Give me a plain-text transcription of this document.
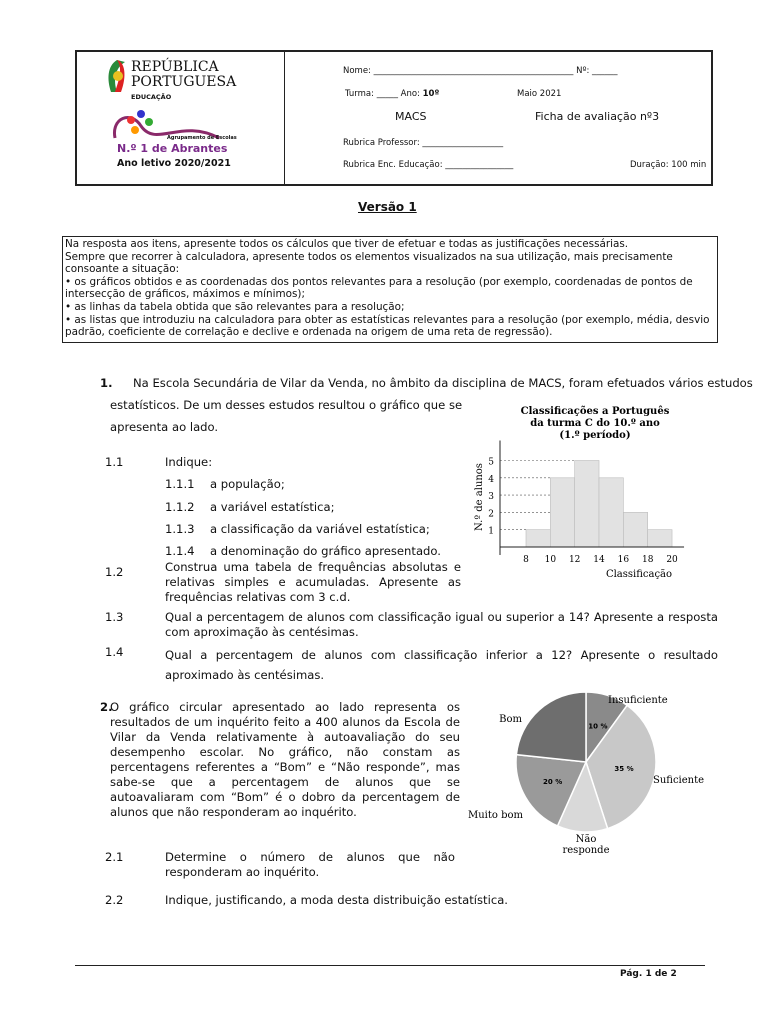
REPÚBLICA PORTUGUESA
EDUCAÇÃO
Agrupamento de Escolas
N.º 1 de Abrantes
Ano letivo 2020/2021
Nome: _______________________________________________ Nº: ______
Turma: _____ Ano: 10º	Maio 2021
MACS	Ficha de avaliação nº3
Rubrica Professor: ___________________
Rubrica Enc. Educação: ________________	Duração: 100 min
Versão 1
Na resposta aos itens, apresente todos os cálculos que tiver de efetuar e todas as justificações necessárias.
Sempre que recorrer à calculadora, apresente todos os elementos visualizados na sua utilização, mais precisamente consoante a situação:
• os gráficos obtidos e as coordenadas dos pontos relevantes para a resolução (por exemplo, coordenadas de pontos de intersecção de gráficos, máximos e mínimos);
• as linhas da tabela obtida que são relevantes para a resolução;
• as listas que introduziu na calculadora para obter as estatísticas relevantes para a resolução (por exemplo, média, desvio padrão, coeficiente de correlação e declive e ordenada na origem de uma reta de regressão).
1. Na Escola Secundária de Vilar da Venda, no âmbito da disciplina de MACS, foram efetuados vários estudos
estatísticos. De um desses estudos resultou o gráfico que se
apresenta ao lado.
1.1	Indique:
1.1.1 a população;
1.1.2 a variável estatística;
1.1.3 a classificação da variável estatística;
1.1.4 a denominação do gráfico apresentado.
1.2	Construa uma tabela de frequências absolutas e relativas simples e acumuladas. Apresente as frequências relativas com 3 c.d.
1.3	Qual a percentagem de alunos com classificação igual ou superior a 14? Apresente a resposta com aproximação às centésimas.
1.4	Qual a percentagem de alunos com classificação inferior a 12? Apresente o resultado aproximado às centésimas.
Classificações a Português
da turma C do 10.º ano
(1.º período)
1
2
3
4
5
8 10 12 14 16 18 20
Classificação
N.º de alunos
2.
O gráfico circular apresentado ao lado representa os resultados de um inquérito feito a 400 alunos da Escola de Vilar da Venda relativamente à autoavaliação do seu desempenho escolar. No gráfico, não constam as percentagens referentes a “Bom” e “Não responde”, mas sabe-se que a percentagem de alunos que se autoavaliaram com “Bom” é o dobro da percentagem de alunos que não responderam ao inquérito.
2.1	Determine o número de alunos que não responderam ao inquérito.
2.2	Indique, justificando, a moda desta distribuição estatística.
10 %
Insuficiente
35 %
Suficiente
Não
responde
20 %
Muito bom
Bom
Pág. 1 de 2
